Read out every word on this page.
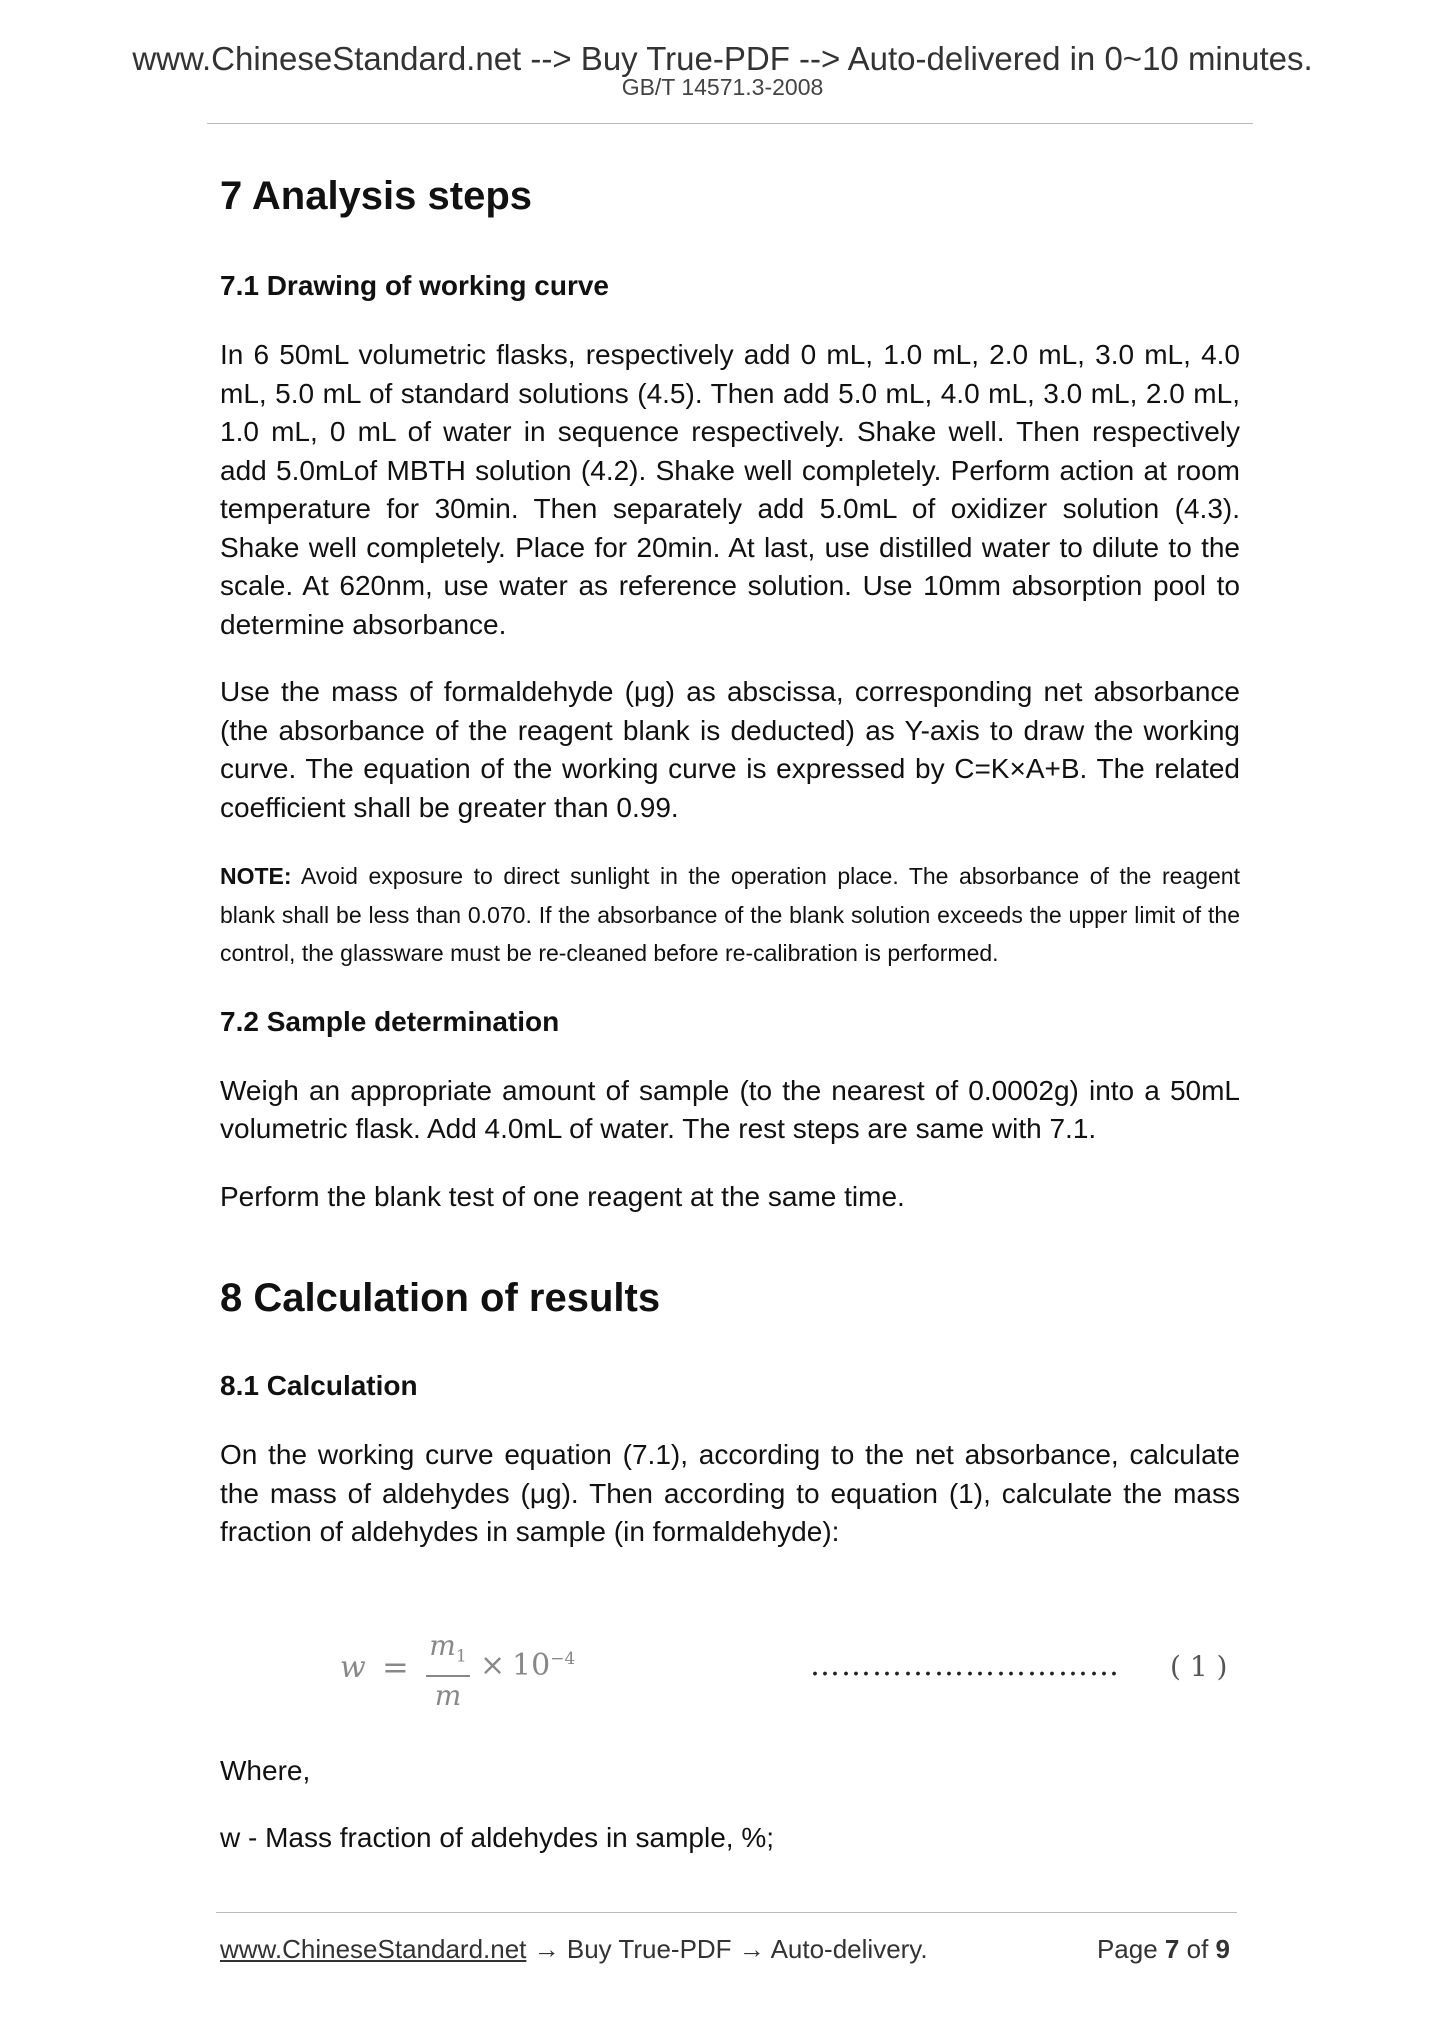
www.ChineseStandard.net --> Buy True-PDF --> Auto-delivered in 0~10 minutes.
GB/T 14571.3-2008
7 Analysis steps
7.1 Drawing of working curve

In 6 50mL volumetric flasks, respectively add 0 mL, 1.0 mL, 2.0 mL, 3.0 mL, 4.0 mL, 5.0 mL of standard solutions (4.5). Then add 5.0 mL, 4.0 mL, 3.0 mL, 2.0 mL, 1.0 mL, 0 mL of water in sequence respectively. Shake well. Then respectively add 5.0mLof MBTH solution (4.2). Shake well completely. Perform action at room temperature for 30min. Then separately add 5.0mL of oxidizer solution (4.3). Shake well completely. Place for 20min. At last, use distilled water to dilute to the scale. At 620nm, use water as reference solution. Use 10mm absorption pool to determine absorbance.

Use the mass of formaldehyde (μg) as abscissa, corresponding net absorbance (the absorbance of the reagent blank is deducted) as Y-axis to draw the working curve. The equation of the working curve is expressed by C=K×A+B. The related coefficient shall be greater than 0.99.

NOTE: Avoid exposure to direct sunlight in the operation place. The absorbance of the reagent blank shall be less than 0.070. If the absorbance of the blank solution exceeds the upper limit of the control, the glassware must be re-cleaned before re-calibration is performed.

7.2 Sample determination

Weigh an appropriate amount of sample (to the nearest of 0.0002g) into a 50mL volumetric flask. Add 4.0mL of water. The rest steps are same with 7.1.

Perform the blank test of one reagent at the same time.

8 Calculation of results
8.1 Calculation

On the working curve equation (7.1), according to the net absorbance, calculate the mass of aldehydes (μg). Then according to equation (1), calculate the mass fraction of aldehydes in sample (in formaldehyde):

w =
$m_1$
m
× $10^{-4}$	………………………… ( 1 )

Where,

w - Mass fraction of aldehydes in sample, %;

www.ChineseStandard.net → Buy True-PDF → Auto-delivery.	Page 7 of 9
